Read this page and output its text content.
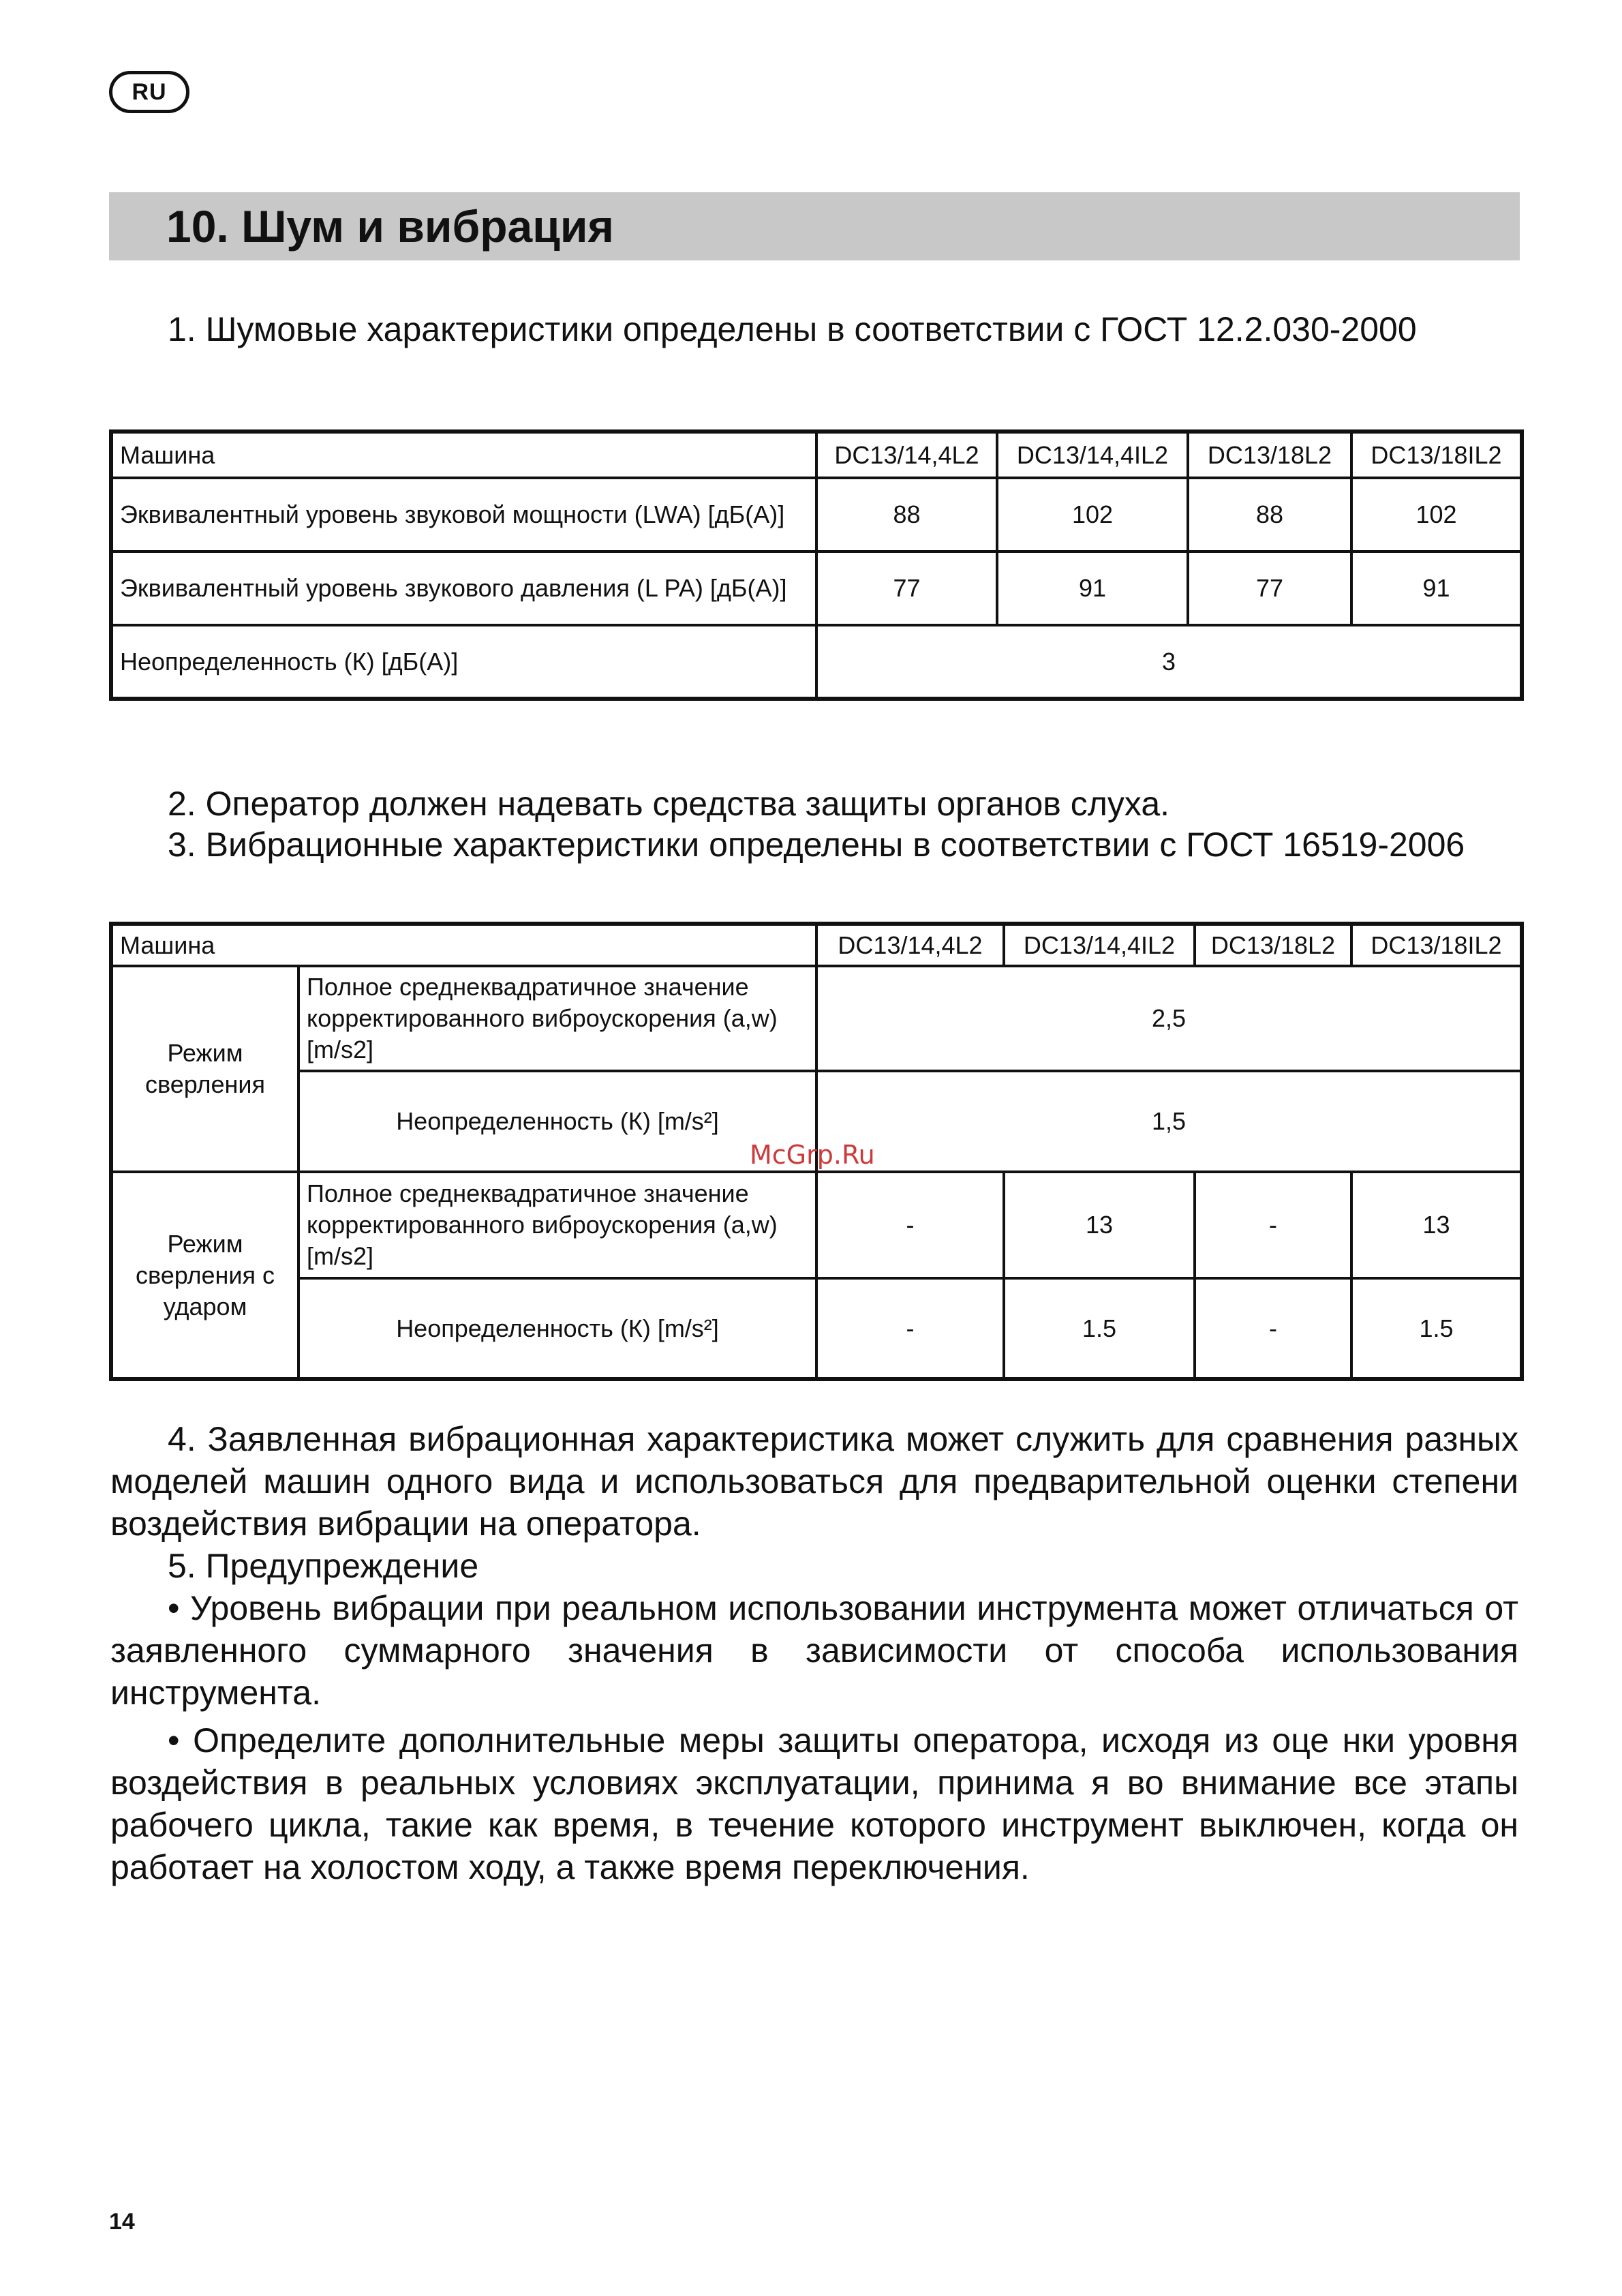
RU
10. Шум и вибрация

1. Шумовые характеристики определены в соответствии с ГОСТ 12.2.030-2000

Машина	DC13/14,4L2	DC13/14,4IL2	DC13/18L2	DC13/18IL2
Эквивалентный уровень звуковой мощности (LWA) [дБ(А)]	88	102	88	102
Эквивалентный уровень звукового давления (L PA) [дБ(А)]	77	91	77	91
Неопределенность (К) [дБ(А)]	3			

2. Оператор должен надевать средства защиты органов слуха.

3. Вибрационные характеристики определены в соответствии с ГОСТ 16519-2006

Машина		DC13/14,4L2	DC13/14,4IL2	DC13/18L2	DC13/18IL2
Режим сверления	Полное среднеквадратичное значение корректированного виброускорения (a,w) [m/s2]	2,5			
	Неопределенность (К) [m/s²]	1,5			
Режим сверления с ударом	Полное среднеквадратичное значение корректированного виброускорения (a,w) [m/s2]	-	13	-	13
	Неопределенность (К) [m/s²]	-	1.5	-	1.5

4. Заявленная вибрационная характеристика может служить для сравнения разных моделей машин одного вида и использоваться для предварительной оценки степени воздействия вибрации на оператора.

5. Предупреждение

• Уровень вибрации при реальном использовании инструмента может отличаться от заявленного суммарного значения в зависимости от способа использования инструмента.

• Определите дополнительные меры защиты оператора, исходя из оце нки уровня воздействия в реальных условиях эксплуатации, принима я во внимание все этапы рабочего цикла, такие как время, в течение которого инструмент выключен, когда он работает на холостом ходу, а также время переключения.

McGrp.Ru
14
